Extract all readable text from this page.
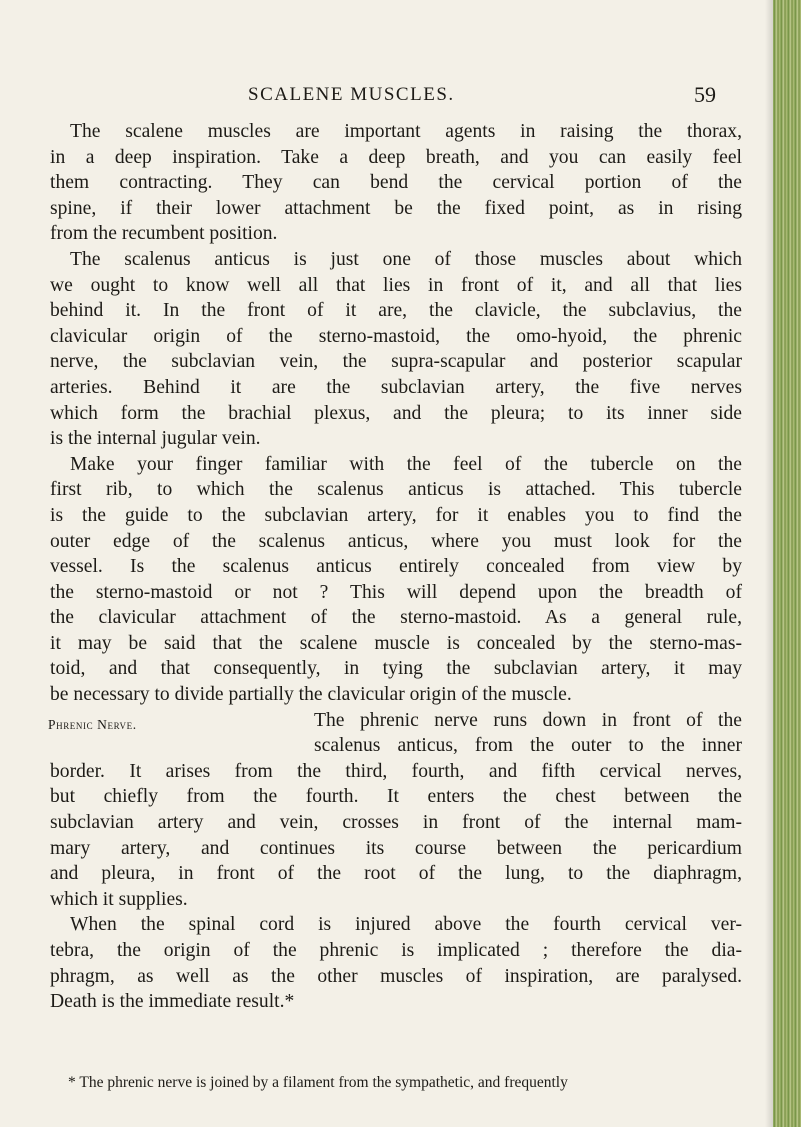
SCALENE MUSCLES.	59

The scalene muscles are important agents in raising the thorax,
in a deep inspiration. Take a deep breath, and you can easily feel
them contracting. They can bend the cervical portion of the
spine, if their lower attachment be the fixed point, as in rising
from the recumbent position.

The scalenus anticus is just one of those muscles about which
we ought to know well all that lies in front of it, and all that lies
behind it. In the front of it are, the clavicle, the subclavius, the
clavicular origin of the sterno-mastoid, the omo-hyoid, the phrenic
nerve, the subclavian vein, the supra-scapular and posterior scapular
arteries. Behind it are the subclavian artery, the five nerves
which form the brachial plexus, and the pleura; to its inner side
is the internal jugular vein.

Make your finger familiar with the feel of the tubercle on the
first rib, to which the scalenus anticus is attached. This tubercle
is the guide to the subclavian artery, for it enables you to find the
outer edge of the scalenus anticus, where you must look for the
vessel. Is the scalenus anticus entirely concealed from view by
the sterno-mastoid or not ? This will depend upon the breadth of
the clavicular attachment of the sterno-mastoid. As a general rule,
it may be said that the scalene muscle is concealed by the sterno-mas-
toid, and that consequently, in tying the subclavian artery, it may
be necessary to divide partially the clavicular origin of the muscle.

Phrenic Nerve.	The phrenic nerve runs down in front of the
scalenus anticus, from the outer to the inner
border. It arises from the third, fourth, and fifth cervical nerves,
but chiefly from the fourth. It enters the chest between the
subclavian artery and vein, crosses in front of the internal mam-
mary artery, and continues its course between the pericardium
and pleura, in front of the root of the lung, to the diaphragm,
which it supplies.

When the spinal cord is injured above the fourth cervical ver-
tebra, the origin of the phrenic is implicated ; therefore the dia-
phragm, as well as the other muscles of inspiration, are paralysed.
Death is the immediate result.*

* The phrenic nerve is joined by a filament from the sympathetic, and frequently
